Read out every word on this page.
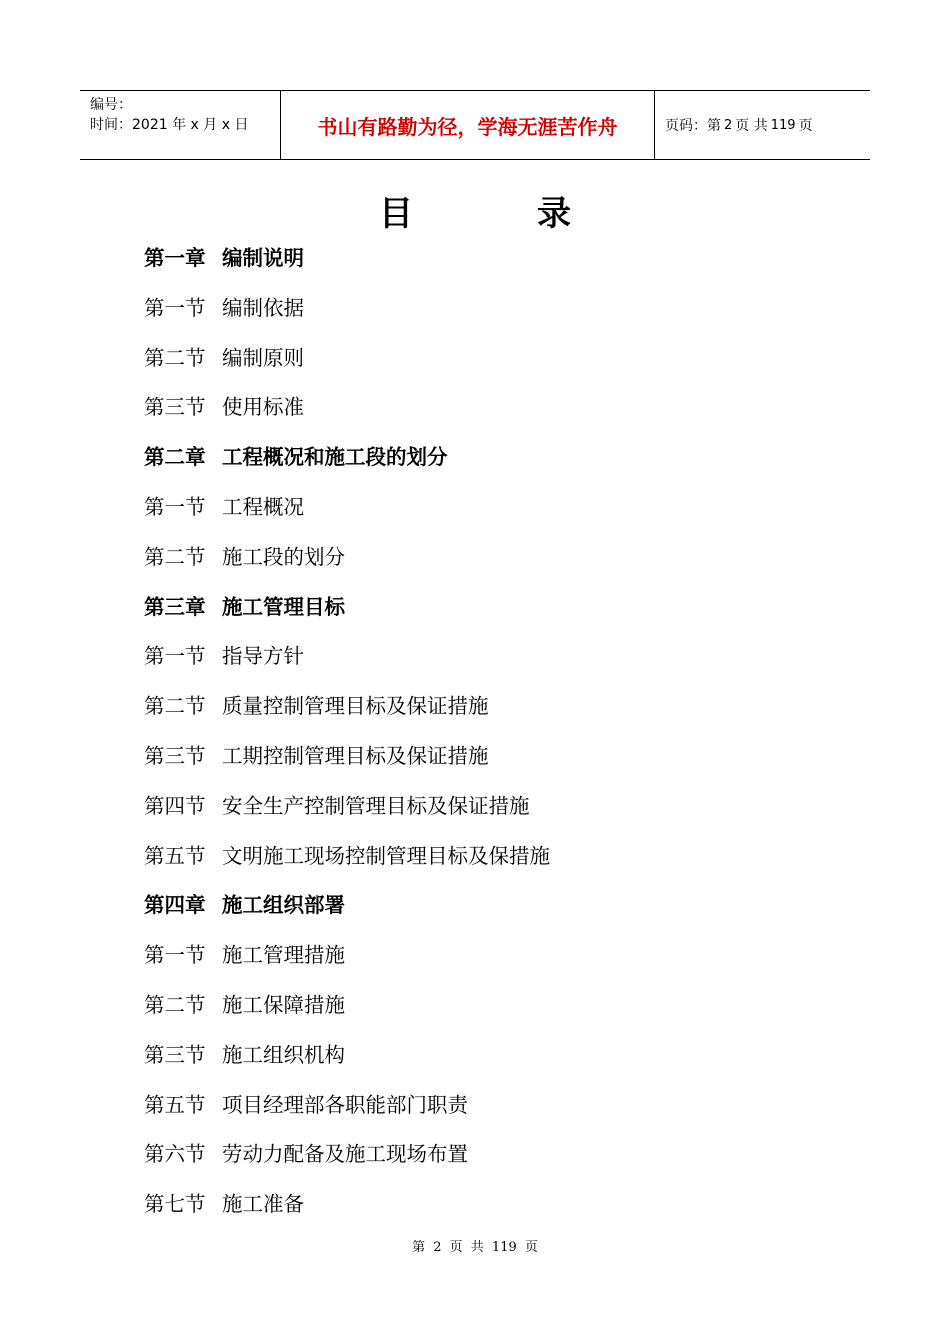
编号：
时间：2021 年 x 月 x 日	书山有路勤为径，学海无涯苦作舟	页码：第 2 页 共 119 页
目	录
第一章 编制说明
第一节 编制依据
第二节 编制原则
第三节 使用标准
第二章 工程概况和施工段的划分
第一节 工程概况
第二节 施工段的划分
第三章 施工管理目标
第一节 指导方针
第二节 质量控制管理目标及保证措施
第三节 工期控制管理目标及保证措施
第四节 安全生产控制管理目标及保证措施
第五节 文明施工现场控制管理目标及保措施
第四章 施工组织部署
第一节 施工管理措施
第二节 施工保障措施
第三节 施工组织机构
第五节 项目经理部各职能部门职责
第六节 劳动力配备及施工现场布置
第七节 施工准备
第 2 页 共 119 页
